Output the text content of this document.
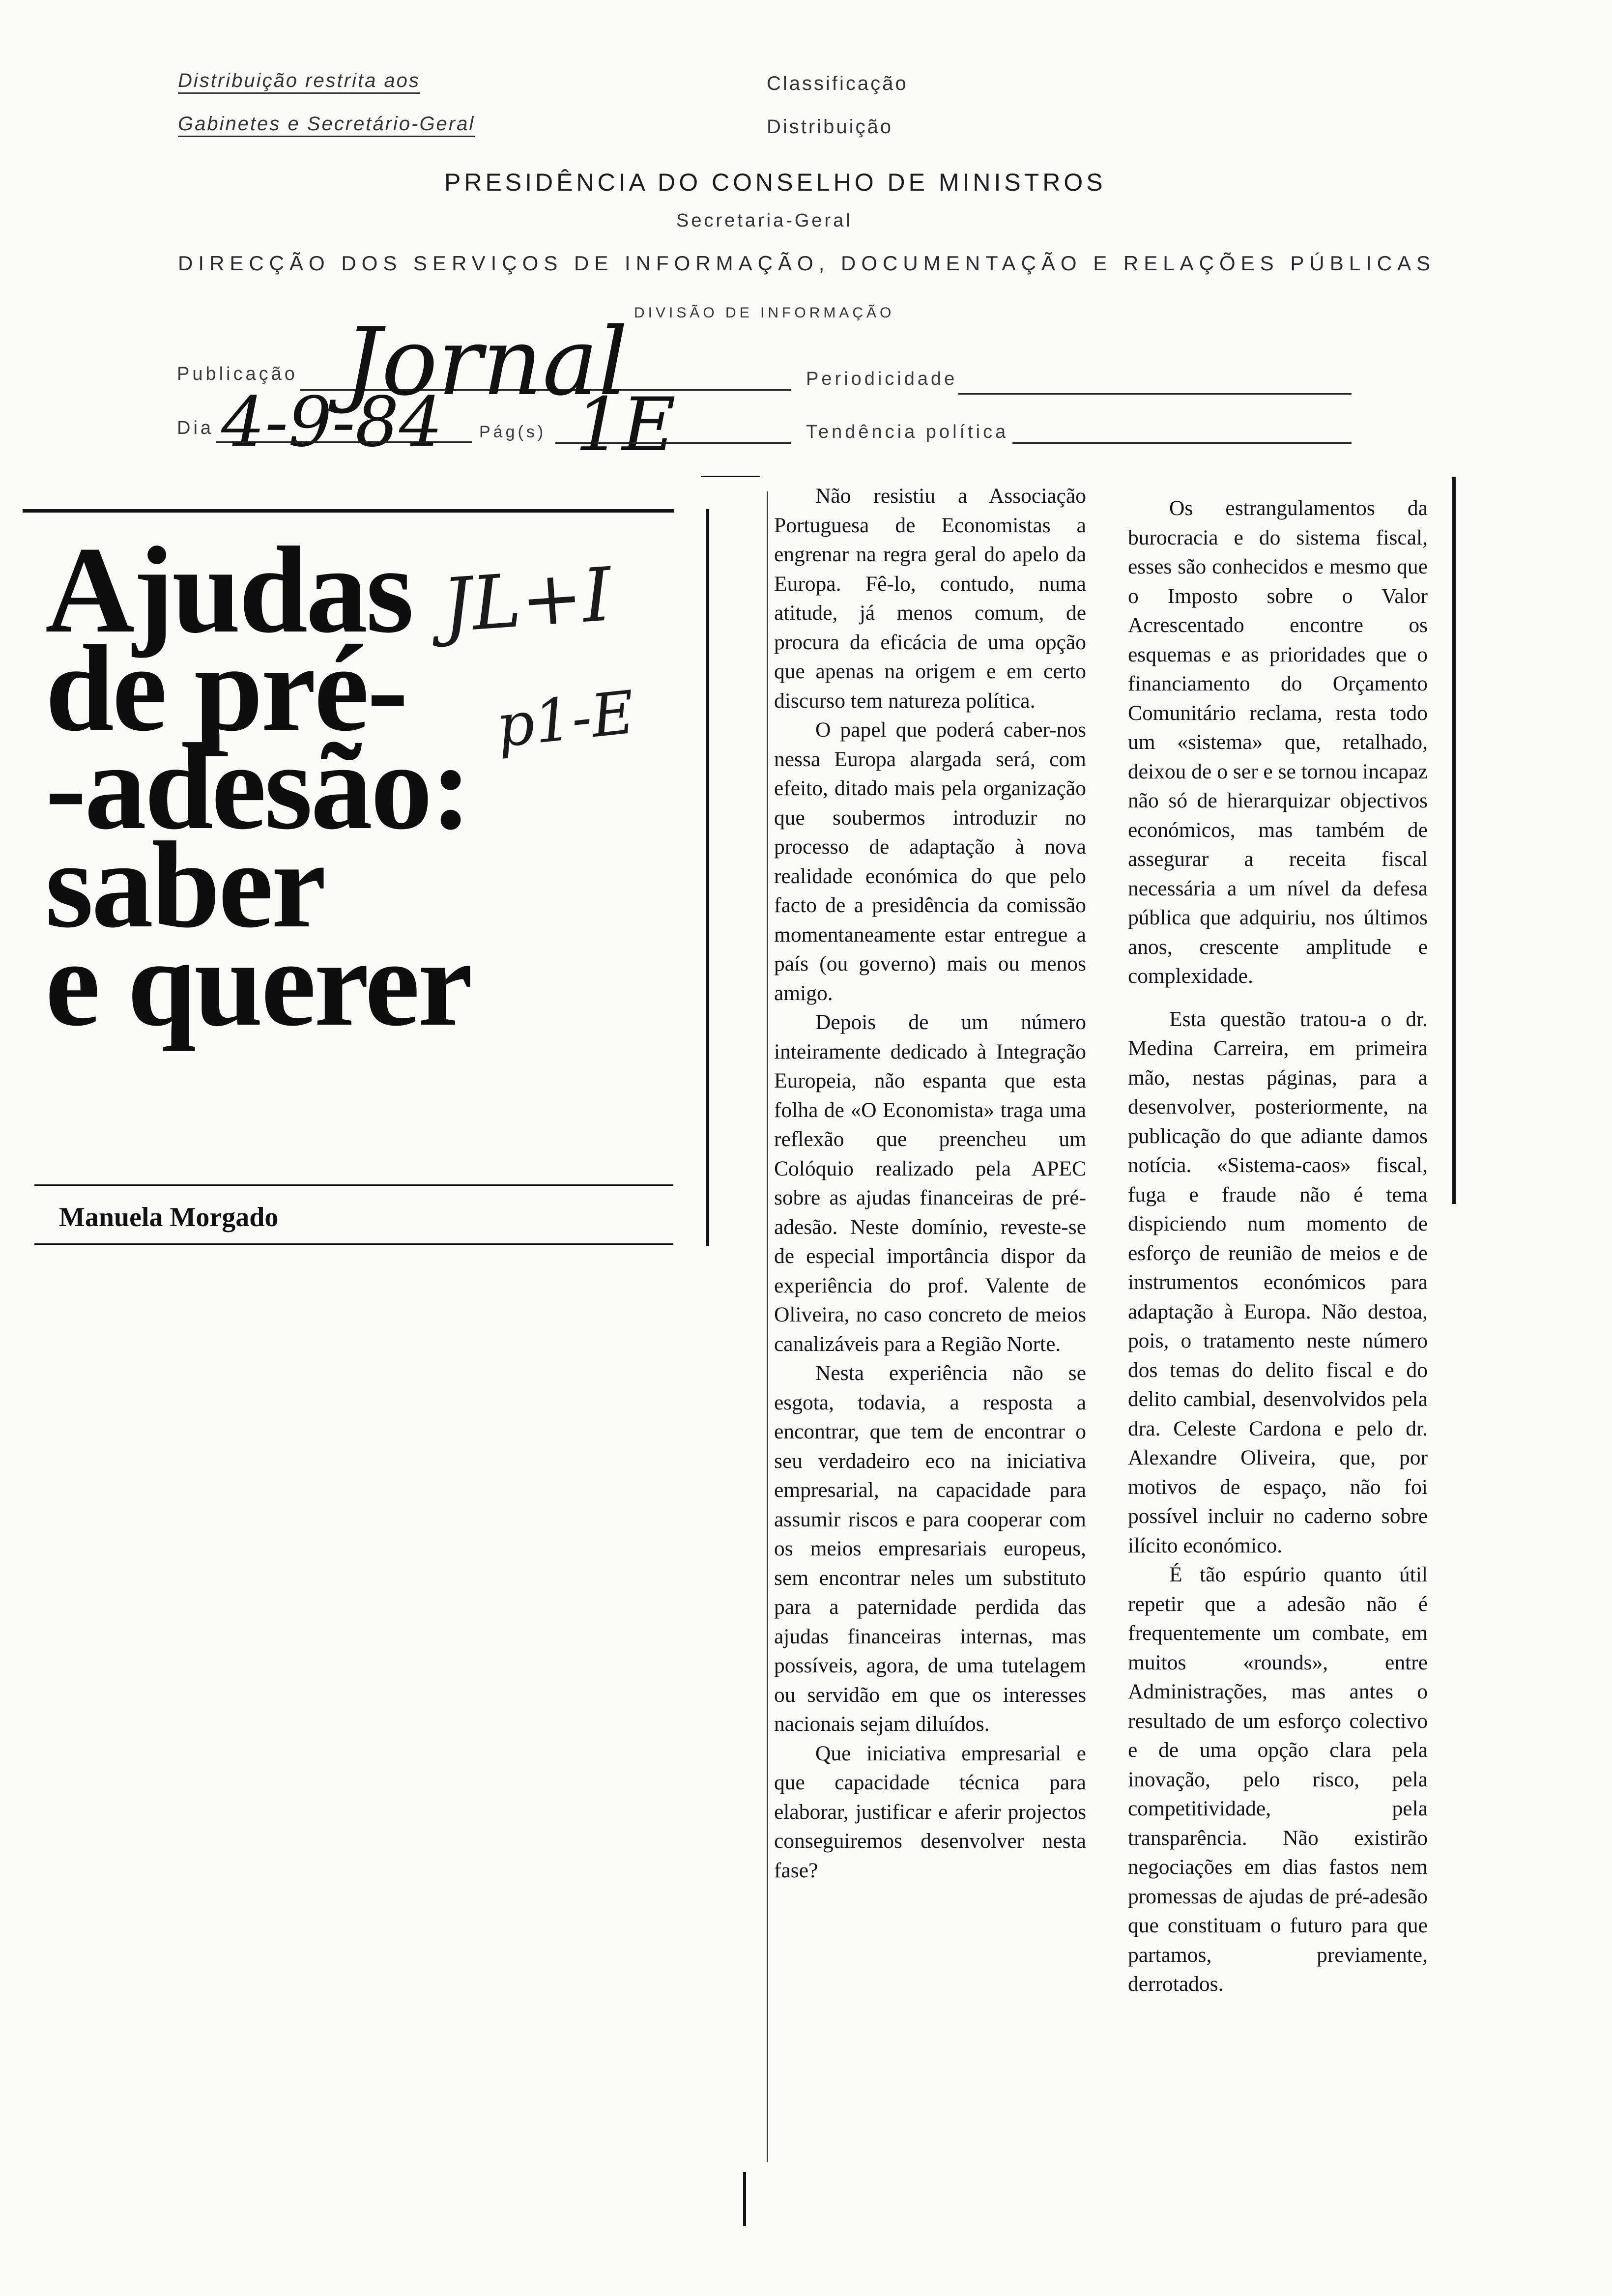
Distribuição restrita aos
Gabinetes e Secretário-Geral
Classificação
Distribuição
PRESIDÊNCIA DO CONSELHO DE MINISTROS
Secretaria-Geral
DIRECÇÃO DOS SERVIÇOS DE INFORMAÇÃO, DOCUMENTAÇÃO E RELAÇÕES PÚBLICAS
DIVISÃO DE INFORMAÇÃO
Publicação Jornal	Periodicidade
Dia 4-9-84 Pág(s) 1E	Tendência política
Ajudas
de pré-
-adesão:
saber
e querer
JL+I
p1-E
Manuela Morgado

Não resistiu a Associação Portuguesa de Economistas a engrenar na regra geral do apelo da Europa. Fê-lo, contudo, numa atitude, já menos comum, de procura da eficácia de uma opção que apenas na origem e em certo discurso tem natureza política.

O papel que poderá caber-nos nessa Europa alargada será, com efeito, ditado mais pela organização que soubermos introduzir no processo de adaptação à nova realidade económica do que pelo facto de a presidência da comissão momentaneamente estar entregue a país (ou governo) mais ou menos amigo.

Depois de um número inteiramente dedicado à Integração Europeia, não espanta que esta folha de «O Economista» traga uma reflexão que preencheu um Colóquio realizado pela APEC sobre as ajudas financeiras de pré-adesão. Neste domínio, reveste-se de especial importância dispor da experiência do prof. Valente de Oliveira, no caso concreto de meios canalizáveis para a Região Norte.

Nesta experiência não se esgota, todavia, a resposta a encontrar, que tem de encontrar o seu verdadeiro eco na iniciativa empresarial, na capacidade para assumir riscos e para cooperar com os meios empresariais europeus, sem encontrar neles um substituto para a paternidade perdida das ajudas financeiras internas, mas possíveis, agora, de uma tutelagem ou servidão em que os interesses nacionais sejam diluídos.

Que iniciativa empresarial e que capacidade técnica para elaborar, justificar e aferir projectos conseguiremos desenvolver nesta fase?

Os estrangulamentos da burocracia e do sistema fiscal, esses são conhecidos e mesmo que o Imposto sobre o Valor Acrescentado encontre os esquemas e as prioridades que o financiamento do Orçamento Comunitário reclama, resta todo um «sistema» que, retalhado, deixou de o ser e se tornou incapaz não só de hierarquizar objectivos económicos, mas também de assegurar a receita fiscal necessária a um nível da defesa pública que adquiriu, nos últimos anos, crescente amplitude e complexidade.

Esta questão tratou-a o dr. Medina Carreira, em primeira mão, nestas páginas, para a desenvolver, posteriormente, na publicação do que adiante damos notícia. «Sistema-caos» fiscal, fuga e fraude não é tema dispiciendo num momento de esforço de reunião de meios e de instrumentos económicos para adaptação à Europa. Não destoa, pois, o tratamento neste número dos temas do delito fiscal e do delito cambial, desenvolvidos pela dra. Celeste Cardona e pelo dr. Alexandre Oliveira, que, por motivos de espaço, não foi possível incluir no caderno sobre ilícito económico.

É tão espúrio quanto útil repetir que a adesão não é frequentemente um combate, em muitos «rounds», entre Administrações, mas antes o resultado de um esforço colectivo e de uma opção clara pela inovação, pelo risco, pela competitividade, pela transparência. Não existirão negociações em dias fastos nem promessas de ajudas de pré-adesão que constituam o futuro para que partamos, previamente, derrotados.
